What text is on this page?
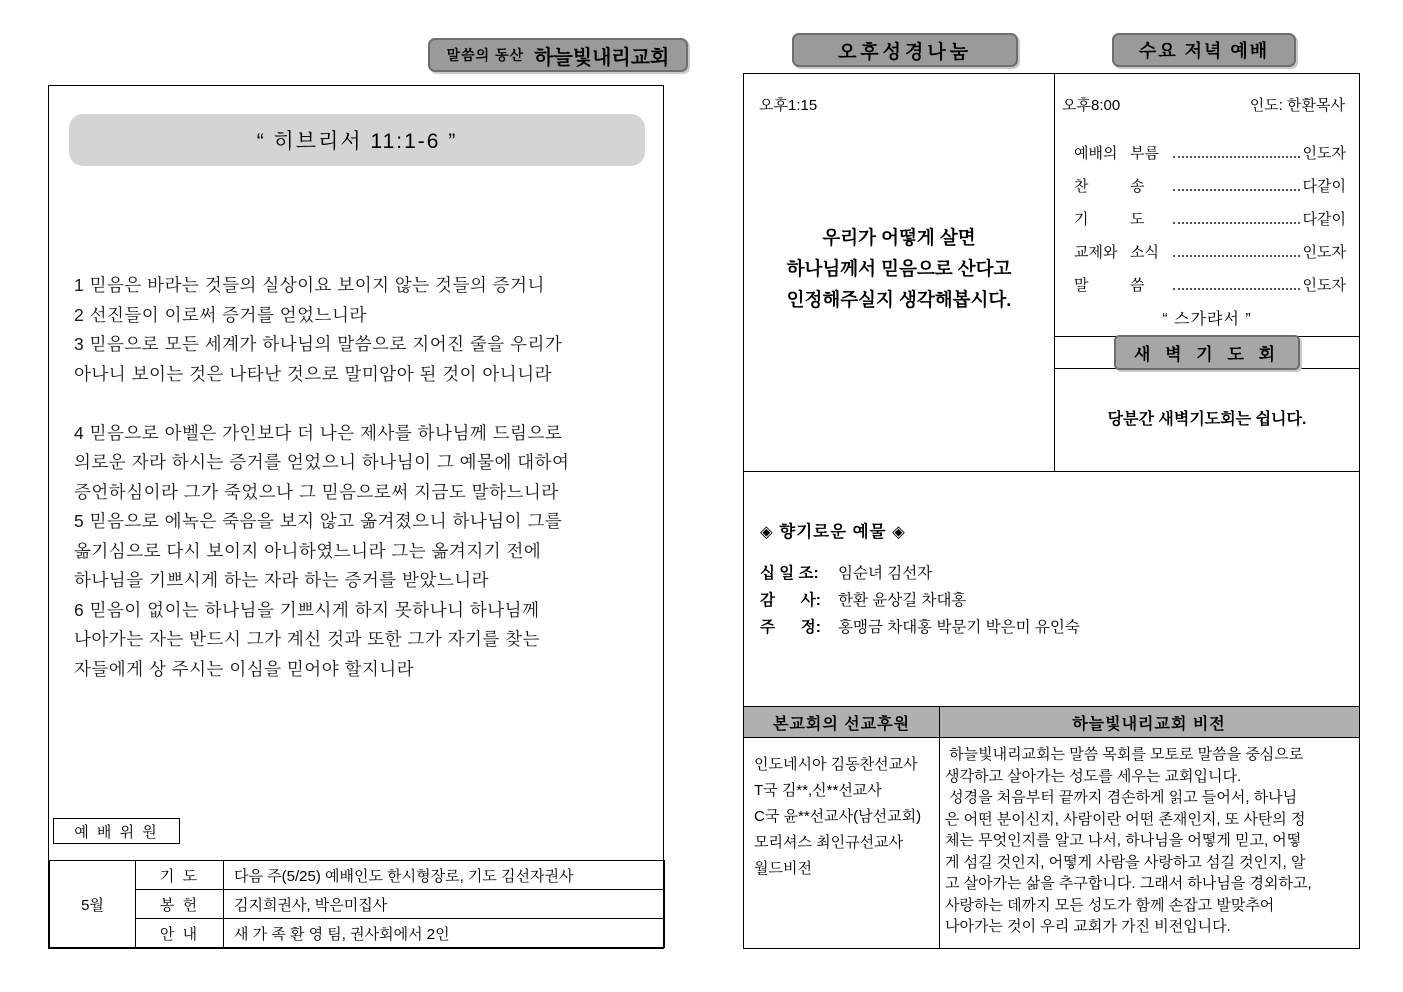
말씀의 동산 하늘빛내리교회
“ 히브리서 11:1-6 ”
1 믿음은 바라는 것들의 실상이요 보이지 않는 것들의 증거니
2 선진들이 이로써 증거를 얻었느니라
3 믿음으로 모든 세계가 하나님의 말씀으로 지어진 줄을 우리가
아나니 보이는 것은 나타난 것으로 말미암아 된 것이 아니니라
4 믿음으로 아벨은 가인보다 더 나은 제사를 하나님께 드림으로
의로운 자라 하시는 증거를 얻었으니 하나님이 그 예물에 대하여
증언하심이라 그가 죽었으나 그 믿음으로써 지금도 말하느니라
5 믿음으로 에녹은 죽음을 보지 않고 옮겨졌으니 하나님이 그를
옮기심으로 다시 보이지 아니하였느니라 그는 옮겨지기 전에
하나님을 기쁘시게 하는 자라 하는 증거를 받았느니라
6 믿음이 없이는 하나님을 기쁘시게 하지 못하나니 하나님께
나아가는 자는 반드시 그가 계신 것과 또한 그가 자기를 찾는
자들에게 상 주시는 이심을 믿어야 할지니라
예 배 위 원
5월	기 도	다음 주(5/25) 예배인도 한시형장로, 기도 김선자권사
	봉 헌	김지희권사, 박은미집사
	안 내	새 가 족 환 영 팀, 권사회에서 2인
오후성경나눔	수요 저녁 예배
오후1:15
우리가 어떻게 살면
하나님께서 믿음으로 산다고
인정해주실지 생각해봅시다.
오후8:00	인도: 한환목사
예배의 부름	인도자
찬	송	다같이
기	도	다같이
교제와 소식	인도자
말	씀	인도자
“ 스가랴서 ”
새 벽 기 도 회
당분간 새벽기도회는 쉽니다.
◈ 향기로운 예물 ◈
십 일 조:	임순녀 김선자
감      사:	한환 윤상길 차대홍
주      정:	홍맹금 차대홍 박문기 박은미 유인숙
본교회의 선교후원	하늘빛내리교회 비전
인도네시아 김동찬선교사
T국 김**,신**선교사
C국 윤**선교사(남선교회)
모리셔스 최인규선교사
월드비전
하늘빛내리교회는 말씀 목회를 모토로 말씀을 중심으로
생각하고 살아가는 성도를 세우는 교회입니다.
성경을 처음부터 끝까지 겸손하게 읽고 들어서, 하나님
은 어떤 분이신지, 사람이란 어떤 존재인지, 또 사탄의 정
체는 무엇인지를 알고 나서, 하나님을 어떻게 믿고, 어떻
게 섬길 것인지, 어떻게 사람을 사랑하고 섬길 것인지, 알
고 살아가는 삶을 추구합니다. 그래서 하나님을 경외하고,
사랑하는 데까지 모든 성도가 함께 손잡고 발맞추어
나아가는 것이 우리 교회가 가진 비전입니다.
